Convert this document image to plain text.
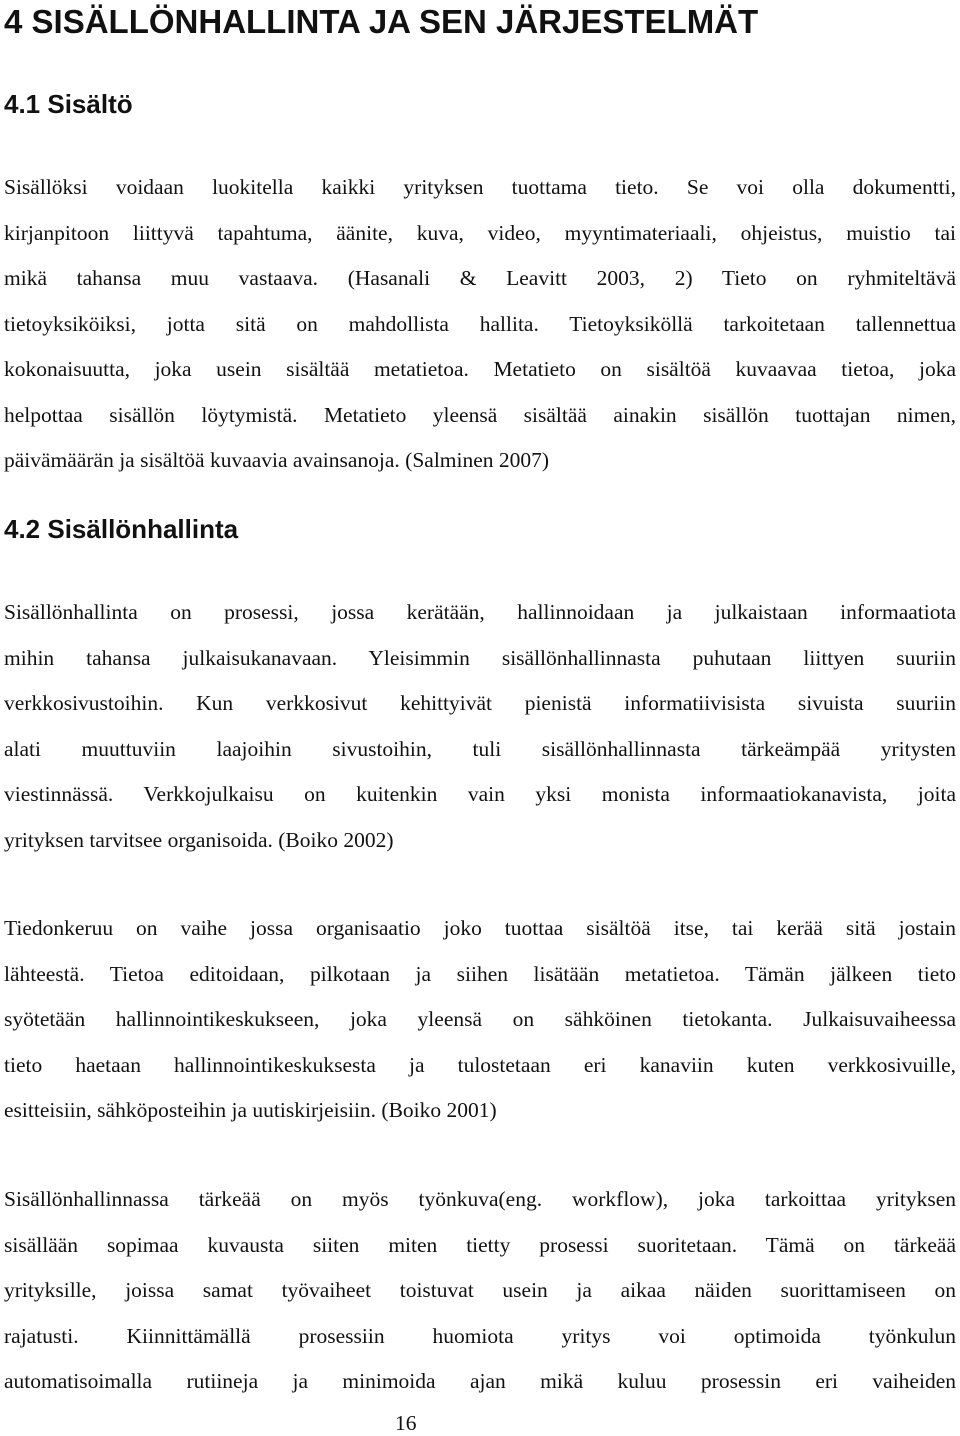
4 SISÄLLÖNHALLINTA JA SEN JÄRJESTELMÄT
4.1 Sisältö
Sisällöksi voidaan luokitella kaikki yrityksen tuottama tieto. Se voi olla dokumentti,
kirjanpitoon liittyvä tapahtuma, äänite, kuva, video, myyntimateriaali, ohjeistus, muistio tai
mikä tahansa muu vastaava. (Hasanali & Leavitt 2003, 2) Tieto on ryhmiteltävä
tietoyksiköiksi, jotta sitä on mahdollista hallita. Tietoyksiköllä tarkoitetaan tallennettua
kokonaisuutta, joka usein sisältää metatietoa. Metatieto on sisältöä kuvaavaa tietoa, joka
helpottaa sisällön löytymistä. Metatieto yleensä sisältää ainakin sisällön tuottajan nimen,
päivämäärän ja sisältöä kuvaavia avainsanoja. (Salminen 2007)
4.2 Sisällönhallinta
Sisällönhallinta on prosessi, jossa kerätään, hallinnoidaan ja julkaistaan informaatiota
mihin tahansa julkaisukanavaan. Yleisimmin sisällönhallinnasta puhutaan liittyen suuriin
verkkosivustoihin. Kun verkkosivut kehittyivät pienistä informatiivisista sivuista suuriin
alati muuttuviin laajoihin sivustoihin, tuli sisällönhallinnasta tärkeämpää yritysten
viestinnässä. Verkkojulkaisu on kuitenkin vain yksi monista informaatiokanavista, joita
yrityksen tarvitsee organisoida. (Boiko 2002)
Tiedonkeruu on vaihe jossa organisaatio joko tuottaa sisältöä itse, tai kerää sitä jostain
lähteestä. Tietoa editoidaan, pilkotaan ja siihen lisätään metatietoa. Tämän jälkeen tieto
syötetään hallinnointikeskukseen, joka yleensä on sähköinen tietokanta. Julkaisuvaiheessa
tieto haetaan hallinnointikeskuksesta ja tulostetaan eri kanaviin kuten verkkosivuille,
esitteisiin, sähköposteihin ja uutiskirjeisiin. (Boiko 2001)
Sisällönhallinnassa tärkeää on myös työnkuva(eng. workflow), joka tarkoittaa yrityksen
sisällään sopimaa kuvausta siiten miten tietty prosessi suoritetaan. Tämä on tärkeää
yrityksille, joissa samat työvaiheet toistuvat usein ja aikaa näiden suorittamiseen on
rajatusti. Kiinnittämällä prosessiin huomiota yritys voi optimoida työnkulun
automatisoimalla rutiineja ja minimoida ajan mikä kuluu prosessin eri vaiheiden
16
